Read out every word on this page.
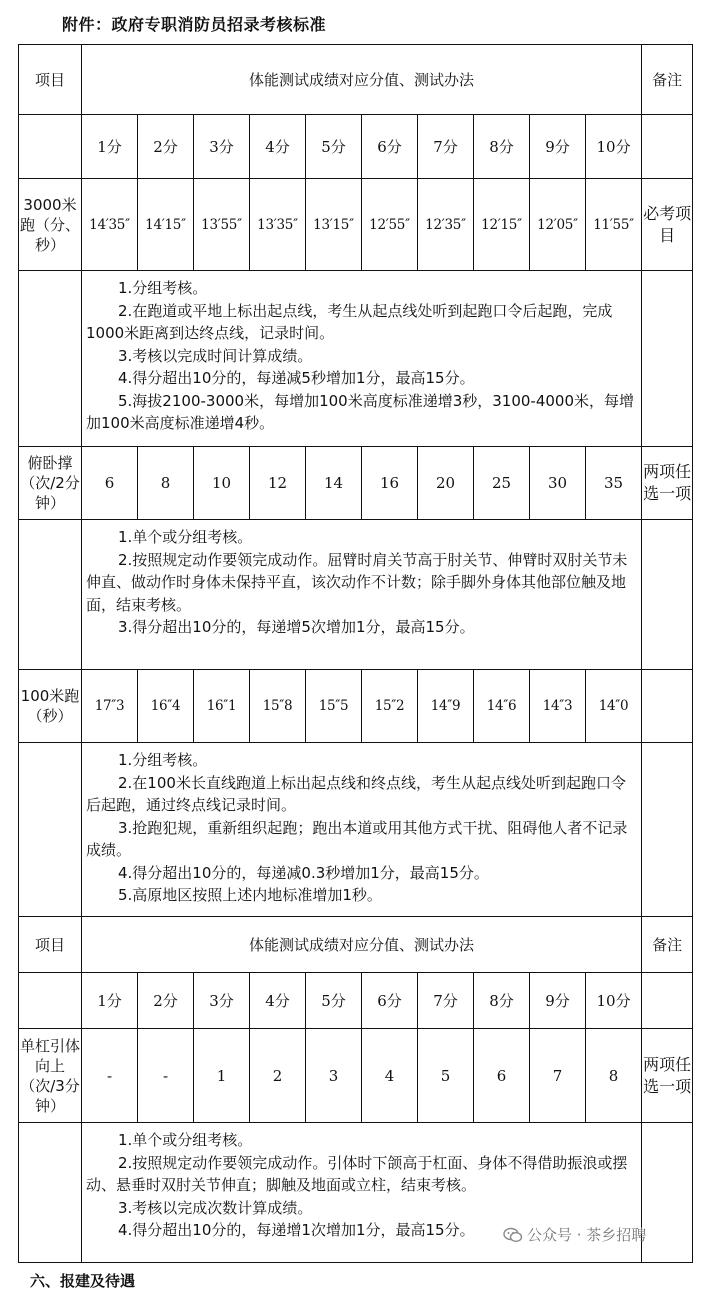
附件：政府专职消防员招录考核标准
项目	体能测试成绩对应分值、测试办法										备注
	1分	2分	3分	4分	5分	6分	7分	8分	9分	10分	
3000米跑（分、秒）	14′35″	14′15″	13′55″	13′35″	13′15″	12′55″	12′35″	12′15″	12′05″	11′55″	必考项目

	1.分组考核。
2.在跑道或平地上标出起点线，考生从起点线处听到起跑口令后起跑，完成1000米距离到达终点线，记录时间。
3.考核以完成时间计算成绩。
4.得分超出10分的，每递减5秒增加1分，最高15分。
5.海拔2100-3000米，每增加100米高度标准递增3秒，3100-4000米，每增加100米高度标准递增4秒。										

俯卧撑（次/2分钟）	6	8	10	12	14	16	20	25	30	35	两项任选一项

	1.单个或分组考核。
2.按照规定动作要领完成动作。屈臂时肩关节高于肘关节、伸臂时双肘关节未伸直、做动作时身体未保持平直，该次动作不计数；除手脚外身体其他部位触及地面，结束考核。
3.得分超出10分的，每递增5次增加1分，最高15分。										

100米跑（秒）	17″3	16″4	16″1	15″8	15″5	15″2	14″9	14″6	14″3	14″0	

	1.分组考核。
2.在100米长直线跑道上标出起点线和终点线，考生从起点线处听到起跑口令后起跑，通过终点线记录时间。
3.抢跑犯规，重新组织起跑；跑出本道或用其他方式干扰、阻碍他人者不记录成绩。
4.得分超出10分的，每递减0.3秒增加1分，最高15分。
5.高原地区按照上述内地标准增加1秒。										

项目	体能测试成绩对应分值、测试办法										备注
	1分	2分	3分	4分	5分	6分	7分	8分	9分	10分	
单杠引体向上（次/3分钟）	-	-	1	2	3	4	5	6	7	8	两项任选一项

	1.单个或分组考核。
2.按照规定动作要领完成动作。引体时下颌高于杠面、身体不得借助振浪或摆动、悬垂时双肘关节伸直；脚触及地面或立柱，结束考核。
3.考核以完成次数计算成绩。
4.得分超出10分的，每递增1次增加1分，最高15分。										
		公众号 · 茶乡招聘
六、报建及待遇
